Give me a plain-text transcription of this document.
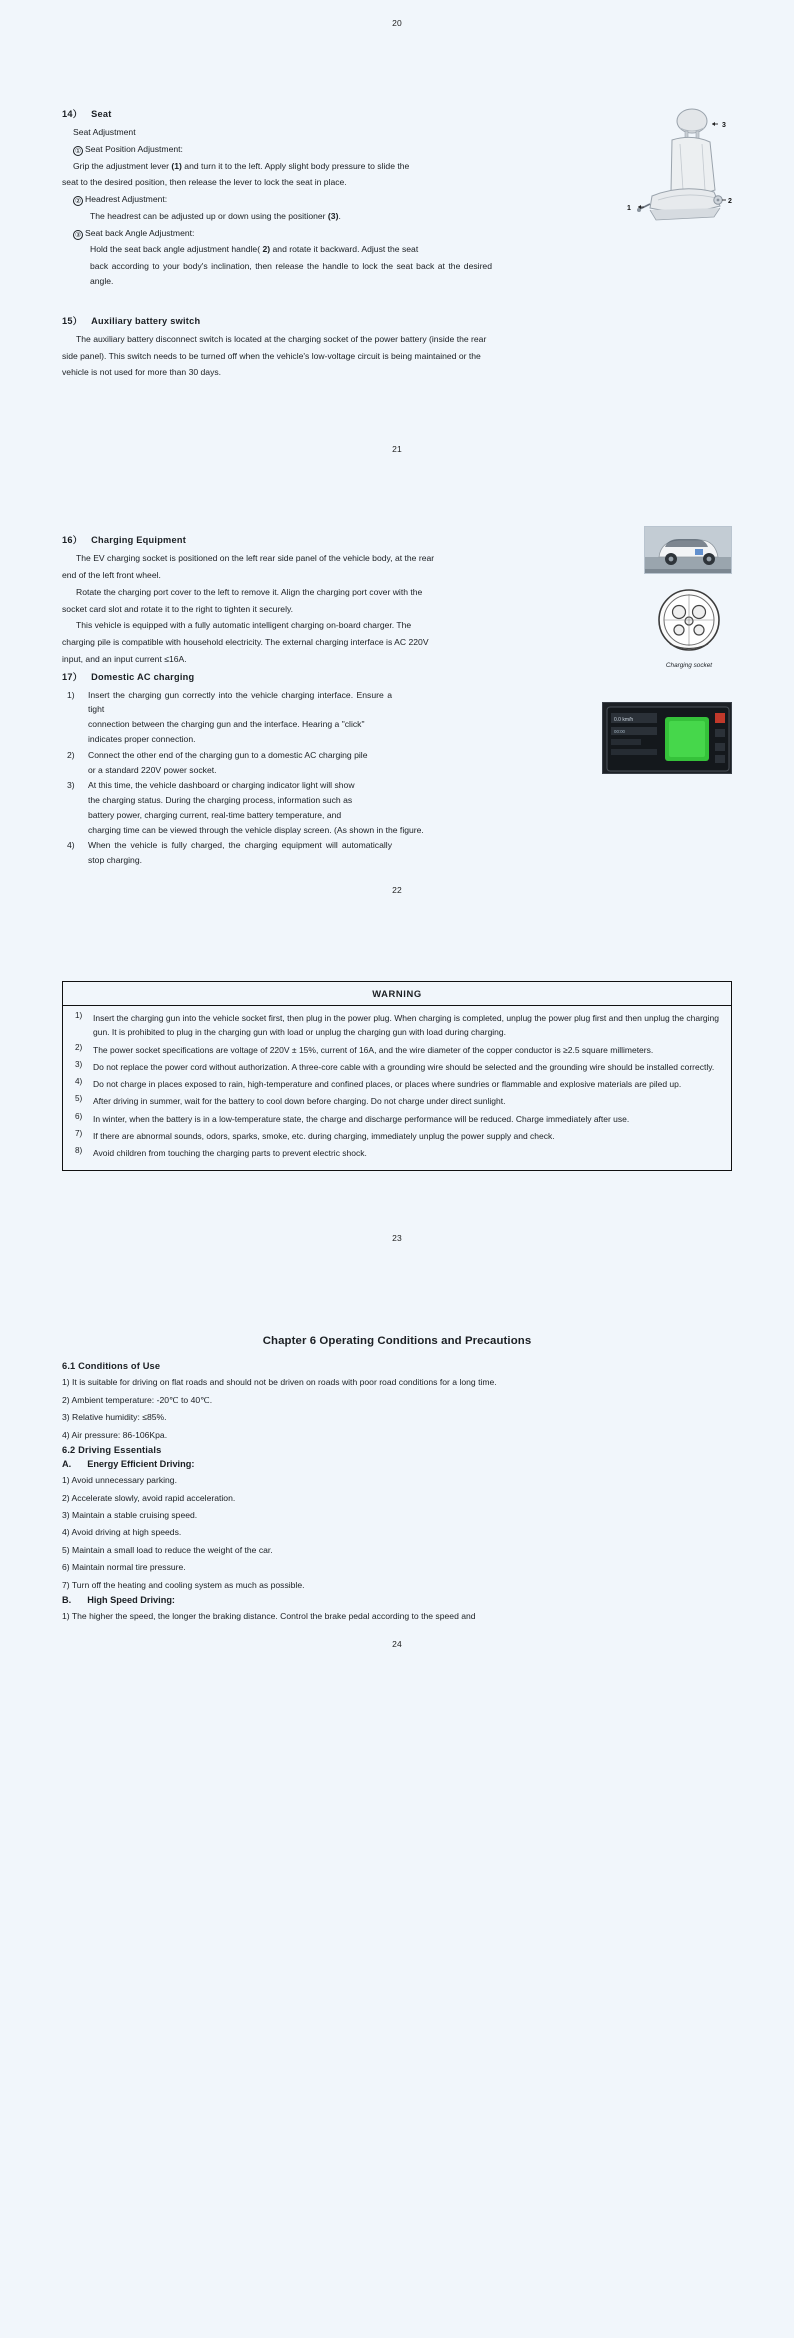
20
1
2
3
14） Seat

Seat Adjustment

① Seat Position Adjustment:

Grip the adjustment lever (1) and turn it to the left. Apply slight body pressure to slide the

seat to the desired position, then release the lever to lock the seat in place.

② Headrest Adjustment:

The headrest can be adjusted up or down using the positioner (3).

③ Seat back Angle Adjustment:

Hold the seat back angle adjustment handle( 2) and rotate it backward. Adjust the seat

back according to your body's inclination, then release the handle to lock the seat back at the desired angle.

15） Auxiliary battery switch

The auxiliary battery disconnect switch is located at the charging socket of the power battery (inside the rear

side panel). This switch needs to be turned off when the vehicle's low-voltage circuit is being maintained or the

vehicle is not used for more than 30 days.

21
Charging socket
16） Charging Equipment

The EV charging socket is positioned on the left rear side panel of the vehicle body, at the rear

end of the left front wheel.

Rotate the charging port cover to the left to remove it. Align the charging port cover with the

socket card slot and rotate it to the right to tighten it securely.

This vehicle is equipped with a fully automatic intelligent charging on-board charger. The

charging pile is compatible with household electricity. The external charging interface is AC 220V

input, and an input current ≤16A.

17） Domestic AC charging
0.0 km/h
00:00
1)	Insert the charging gun correctly into the vehicle charging interface. Ensure a tight
connection between the charging gun and the interface. Hearing a "click"
indicates proper connection.
2)	Connect the other end of the charging gun to a domestic AC charging pile
or a standard 220V power socket.
3)	At this time, the vehicle dashboard or charging indicator light will show
the charging status. During the charging process, information such as
battery power, charging current, real-time battery temperature, and
charging time can be viewed through the vehicle display screen. (As shown in the figure.
4)	When the vehicle is fully charged, the charging equipment will automatically stop charging.
22
WARNING
1)	Insert the charging gun into the vehicle socket first, then plug in the power plug. When charging is completed, unplug the power plug first and then unplug the charging gun. It is prohibited to plug in the charging gun with load or unplug the charging gun with load during charging.
2)	The power socket specifications are voltage of 220V ± 15%, current of 16A, and the wire diameter of the copper conductor is ≥2.5 square millimeters.
3)	Do not replace the power cord without authorization. A three-core cable with a grounding wire should be selected and the grounding wire should be installed correctly.
4)	Do not charge in places exposed to rain, high-temperature and confined places, or places where sundries or flammable and explosive materials are piled up.
5)	After driving in summer, wait for the battery to cool down before charging. Do not charge under direct sunlight.
6)	In winter, when the battery is in a low-temperature state, the charge and discharge performance will be reduced. Charge immediately after use.
7)	If there are abnormal sounds, odors, sparks, smoke, etc. during charging, immediately unplug the power supply and check.
8)	Avoid children from touching the charging parts to prevent electric shock.
23
Chapter 6 Operating Conditions and Precautions
6.1 Conditions of Use

1) It is suitable for driving on flat roads and should not be driven on roads with poor road conditions for a long time.

2) Ambient temperature: -20℃ to 40℃.

3) Relative humidity: ≤85%.

4) Air pressure: 86-106Kpa.

6.2 Driving Essentials
A. Energy Efficient Driving:

1) Avoid unnecessary parking.

2) Accelerate slowly, avoid rapid acceleration.

3) Maintain a stable cruising speed.

4) Avoid driving at high speeds.

5) Maintain a small load to reduce the weight of the car.

6) Maintain normal tire pressure.

7) Turn off the heating and cooling system as much as possible.

B. High Speed Driving:

1) The higher the speed, the longer the braking distance. Control the brake pedal according to the speed and

24
